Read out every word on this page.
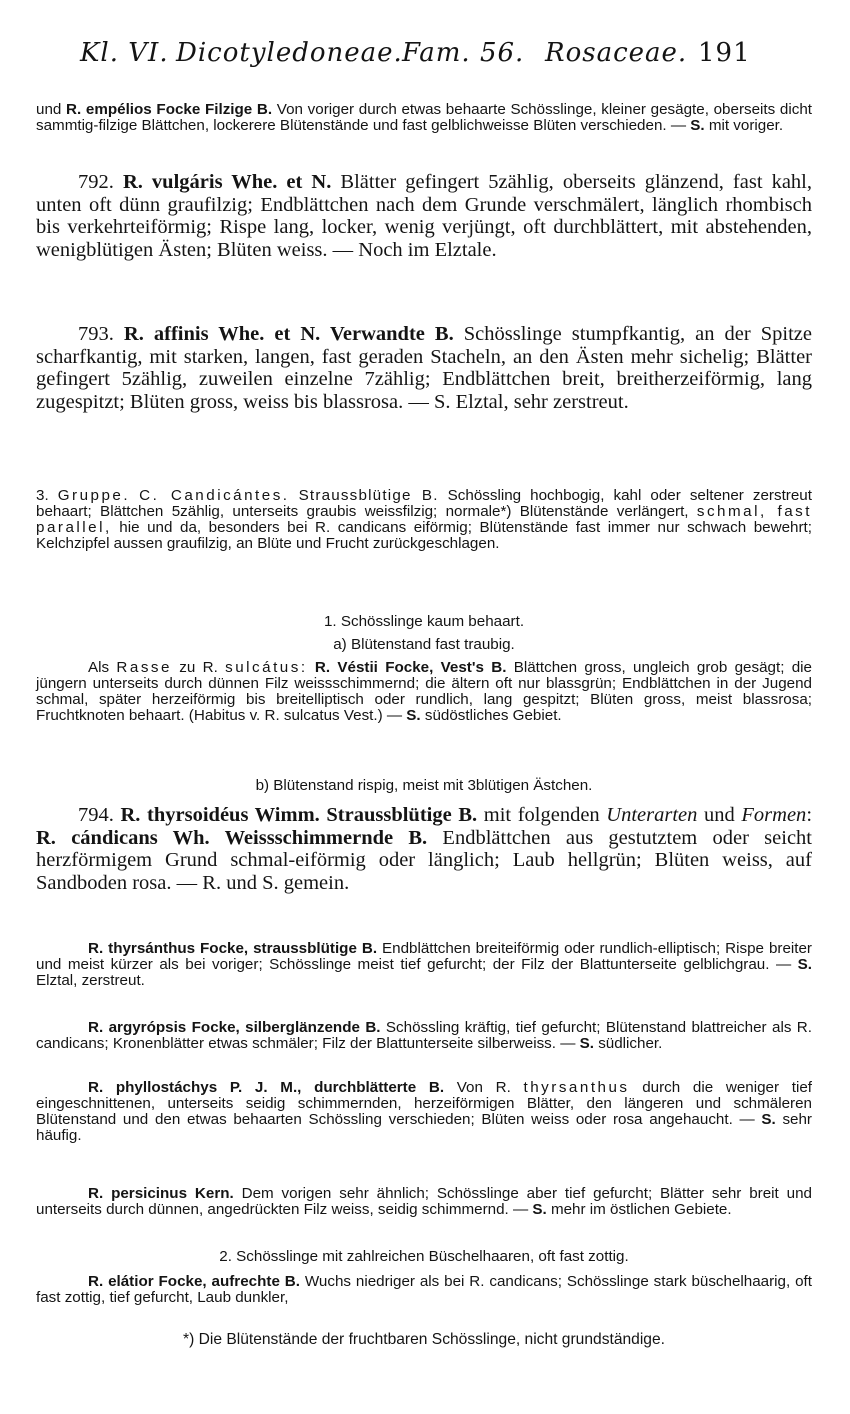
Kl. VI. Dicotyledoneae. Fam. 56. Rosaceae. 191

und R. empélios Focke Filzige B. Von voriger durch etwas behaarte Schösslinge, kleiner gesägte, oberseits dicht sammtig-filzige Blättchen, lockerere Blütenstände und fast gelblichweisse Blüten verschieden. — S. mit voriger.

792. R. vulgáris Whe. et N. Blätter gefingert 5zählig, oberseits glänzend, fast kahl, unten oft dünn graufilzig; Endblättchen nach dem Grunde verschmälert, länglich rhombisch bis verkehrteiförmig; Rispe lang, locker, wenig verjüngt, oft durchblättert, mit abstehenden, wenigblütigen Ästen; Blüten weiss. — Noch im Elztale.

793. R. affinis Whe. et N. Verwandte B. Schösslinge stumpfkantig, an der Spitze scharfkantig, mit starken, langen, fast geraden Stacheln, an den Ästen mehr sichelig; Blätter gefingert 5zählig, zuweilen einzelne 7zählig; Endblättchen breit, breitherzeiförmig, lang zugespitzt; Blüten gross, weiss bis blassrosa. — S. Elztal, sehr zerstreut.

3. Gruppe. C. Candicántes. Straussblütige B. Schössling hochbogig, kahl oder seltener zerstreut behaart; Blättchen 5zählig, unterseits graubis weissfilzig; normale*) Blütenstände verlängert, schmal, fast parallel, hie und da, besonders bei R. candicans eiförmig; Blütenstände fast immer nur schwach bewehrt; Kelchzipfel aussen graufilzig, an Blüte und Frucht zurückgeschlagen.

1. Schösslinge kaum behaart.
a) Blütenstand fast traubig.

Als Rasse zu R. sulcátus: R. Véstii Focke, Vest's B. Blättchen gross, ungleich grob gesägt; die jüngern unterseits durch dünnen Filz weissschimmernd; die ältern oft nur blassgrün; Endblättchen in der Jugend schmal, später herzeiförmig bis breitelliptisch oder rundlich, lang gespitzt; Blüten gross, meist blassrosa; Fruchtknoten behaart. (Habitus v. R. sulcatus Vest.) — S. südöstliches Gebiet.

b) Blütenstand rispig, meist mit 3blütigen Ästchen.

794. R. thyrsoidéus Wimm. Straussblütige B. mit folgenden Unterarten und Formen: R. cándicans Wh. Weissschimmernde B. Endblättchen aus gestutztem oder seicht herzförmigem Grund schmal-eiförmig oder länglich; Laub hellgrün; Blüten weiss, auf Sandboden rosa. — R. und S. gemein.

R. thyrsánthus Focke, straussblütige B. Endblättchen breiteiförmig oder rundlich-elliptisch; Rispe breiter und meist kürzer als bei voriger; Schösslinge meist tief gefurcht; der Filz der Blattunterseite gelblichgrau. — S. Elztal, zerstreut.

R. argyrópsis Focke, silberglänzende B. Schössling kräftig, tief gefurcht; Blütenstand blattreicher als R. candicans; Kronenblätter etwas schmäler; Filz der Blattunterseite silberweiss. — S. südlicher.

R. phyllostáchys P. J. M., durchblätterte B. Von R. thyrsanthus durch die weniger tief eingeschnittenen, unterseits seidig schimmernden, herzeiförmigen Blätter, den längeren und schmäleren Blütenstand und den etwas behaarten Schössling verschieden; Blüten weiss oder rosa angehaucht. — S. sehr häufig.

R. persicinus Kern. Dem vorigen sehr ähnlich; Schösslinge aber tief gefurcht; Blätter sehr breit und unterseits durch dünnen, angedrückten Filz weiss, seidig schimmernd. — S. mehr im östlichen Gebiete.

2. Schösslinge mit zahlreichen Büschelhaaren, oft fast zottig.

R. elátior Focke, aufrechte B. Wuchs niedriger als bei R. candicans; Schösslinge stark büschelhaarig, oft fast zottig, tief gefurcht, Laub dunkler,

*) Die Blütenstände der fruchtbaren Schösslinge, nicht grundständige.
